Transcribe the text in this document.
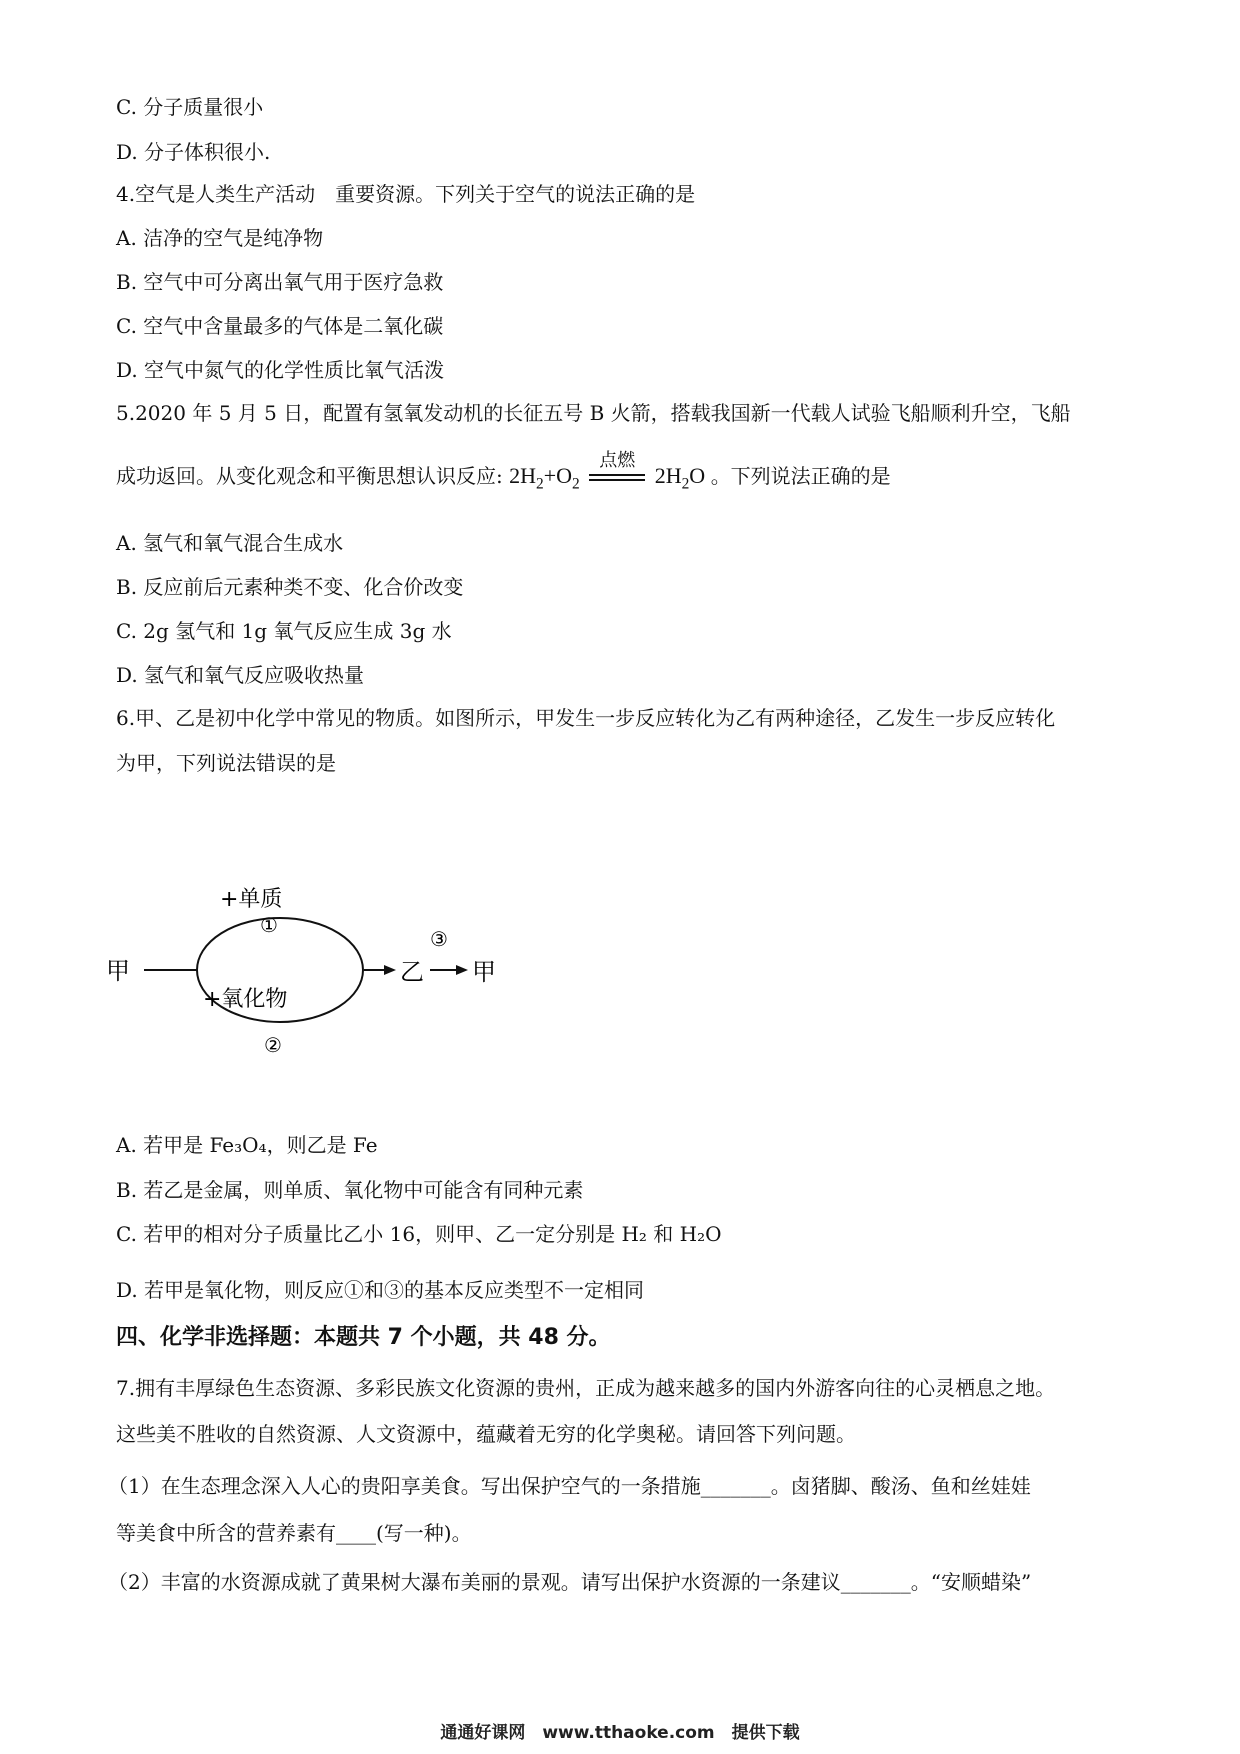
C. 分子质量很小
D. 分子体积很小.
4.空气是人类生产活动　重要资源。下列关于空气的说法正确的是
A. 洁净的空气是纯净物
B. 空气中可分离出氧气用于医疗急救
C. 空气中含量最多的气体是二氧化碳
D. 空气中氮气的化学性质比氧气活泼
5.2020 年 5 月 5 日，配置有氢氧发动机的长征五号 B 火箭，搭载我国新一代载人试验飞船顺利升空，飞船
成功返回。从变化观念和平衡思想认识反应: $2H_2+O_2$
点燃
$2H_2O$ 。下列说法正确的是
A. 氢气和氧气混合生成水
B. 反应前后元素种类不变、化合价改变
C. 2g 氢气和 1g 氧气反应生成 3g 水
D. 氢气和氧气反应吸收热量
6.甲、乙是初中化学中常见的物质。如图所示，甲发生一步反应转化为乙有两种途径，乙发生一步反应转化
为甲，下列说法错误的是
甲
+单质
①
+氧化物
②
乙
③
甲
A. 若甲是 Fe₃O₄，则乙是 Fe
B. 若乙是金属，则单质、氧化物中可能含有同种元素
C. 若甲的相对分子质量比乙小 16，则甲、乙一定分别是 H₂ 和 H₂O
D. 若甲是氧化物，则反应①和③的基本反应类型不一定相同
四、化学非选择题：本题共 7 个小题，共 48 分。
7.拥有丰厚绿色生态资源、多彩民族文化资源的贵州，正成为越来越多的国内外游客向往的心灵栖息之地。
这些美不胜收的自然资源、人文资源中，蕴藏着无穷的化学奥秘。请回答下列问题。
（1）在生态理念深入人心的贵阳享美食。写出保护空气的一条措施_______。卤猪脚、酸汤、鱼和丝娃娃
等美食中所含的营养素有____(写一种)。
（2）丰富的水资源成就了黄果树大瀑布美丽的景观。请写出保护水资源的一条建议_______。“安顺蜡染”
通通好课网　www.tthaoke.com　提供下载
